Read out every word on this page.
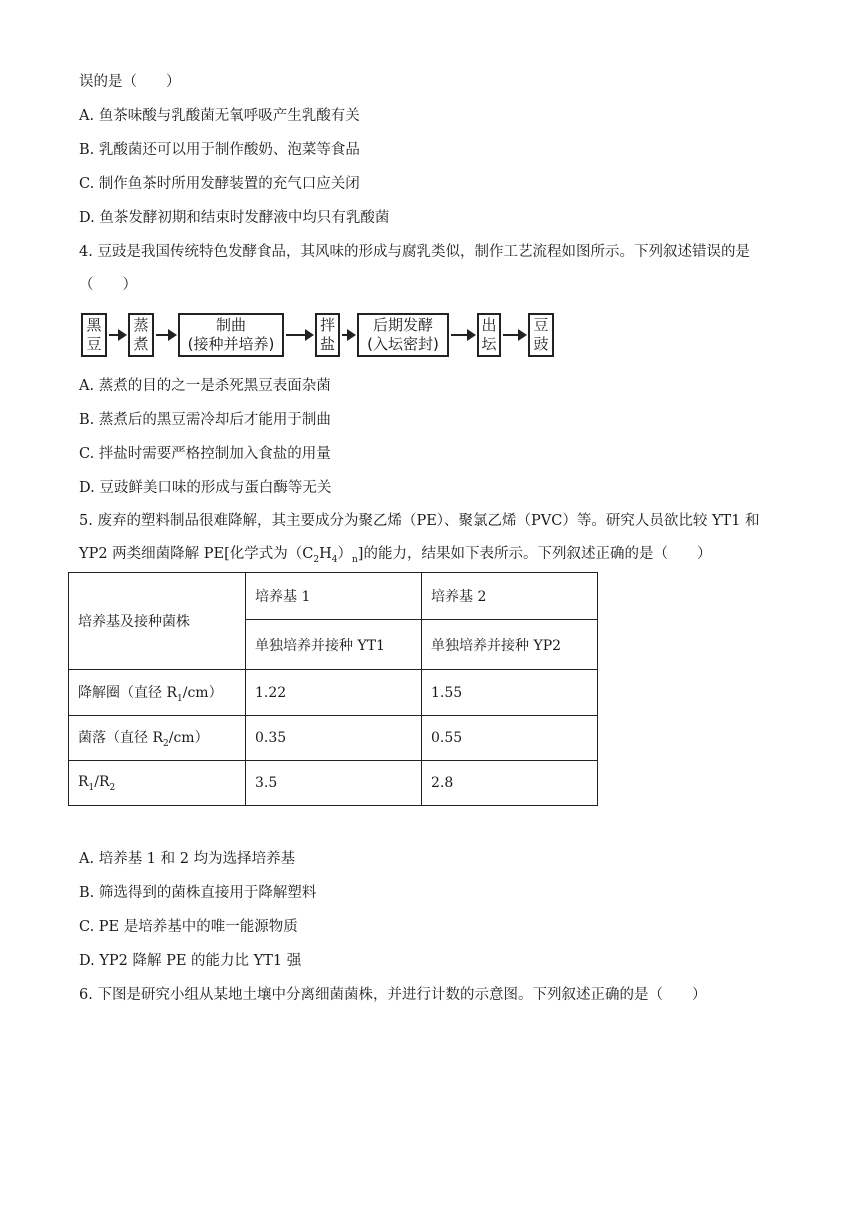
误的是（　　）
A. 鱼茶味酸与乳酸菌无氧呼吸产生乳酸有关
B. 乳酸菌还可以用于制作酸奶、泡菜等食品
C. 制作鱼茶时所用发酵装置的充气口应关闭
D. 鱼茶发酵初期和结束时发酵液中均只有乳酸菌
4. 豆豉是我国传统特色发酵食品，其风味的形成与腐乳类似，制作工艺流程如图所示。下列叙述错误的是
（　　）
黑
豆
蒸
煮
制曲
(接种并培养)
拌
盐
后期发酵
(入坛密封)
出
坛
豆
豉
A. 蒸煮的目的之一是杀死黑豆表面杂菌
B. 蒸煮后的黑豆需冷却后才能用于制曲
C. 拌盐时需要严格控制加入食盐的用量
D. 豆豉鲜美口味的形成与蛋白酶等无关
5. 废弃的塑料制品很难降解，其主要成分为聚乙烯（PE）、聚氯乙烯（PVC）等。研究人员欲比较 YT1 和
YP2 两类细菌降解 PE[化学式为$(C_2H_4)_n$]的能力，结果如下表所示。下列叙述正确的是（　　）
培养基及接种菌株	培养基 1	培养基 2
	单独培养并接种 YT1	单独培养并接种 YP2
降解圈（直径 $R_1/cm$）	1.22	1.55
菌落（直径 $R_2/cm$）	0.35	0.55
$R_1/R_2$	3.5	2.8
A. 培养基 1 和 2 均为选择培养基
B. 筛选得到的菌株直接用于降解塑料
C. PE 是培养基中的唯一能源物质
D. YP2 降解 PE 的能力比 YT1 强
6. 下图是研究小组从某地土壤中分离细菌菌株，并进行计数的示意图。下列叙述正确的是（　　）
